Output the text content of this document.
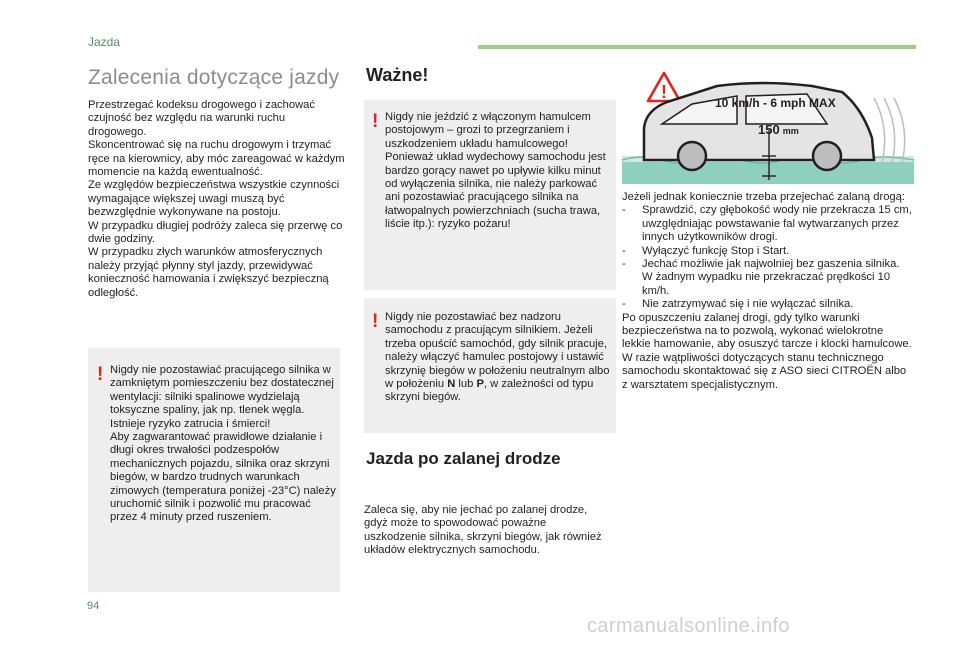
Jazda
Zalecenia dotyczące jazdy

Przestrzegać kodeksu drogowego i zachować czujność bez względu na warunki ruchu drogowego.
Skoncentrować się na ruchu drogowym i trzymać ręce na kierownicy, aby móc zareagować w każdym momencie na każdą ewentualność.
Ze względów bezpieczeństwa wszystkie czynności wymagające większej uwagi muszą być bezwzględnie wykonywane na postoju.
W przypadku długiej podróży zaleca się przerwę co dwie godziny.
W przypadku złych warunków atmosferycznych należy przyjąć płynny styl jazdy, przewidywać konieczność hamowania i zwiększyć bezpieczną odległość.

! Nigdy nie pozostawiać pracującego silnika w zamkniętym pomieszczeniu bez dostatecznej wentylacji: silniki spalinowe wydzielają toksyczne spaliny, jak np. tlenek węgla. Istnieje ryzyko zatrucia i śmierci!
Aby zagwarantować prawidłowe działanie i długi okres trwałości podzespołów mechanicznych pojazdu, silnika oraz skrzyni biegów, w bardzo trudnych warunkach zimowych (temperatura poniżej -23°C) należy uruchomić silnik i pozwolić mu pracować przez 4 minuty przed ruszeniem.
Ważne!
! Nigdy nie jeździć z włączonym hamulcem postojowym – grozi to przegrzaniem i uszkodzeniem układu hamulcowego!
Ponieważ układ wydechowy samochodu jest bardzo gorący nawet po upływie kilku minut od wyłączenia silnika, nie należy parkować ani pozostawiać pracującego silnika na łatwopalnych powierzchniach (sucha trawa, liście itp.): ryzyko pożaru!
! Nigdy nie pozostawiać bez nadzoru samochodu z pracującym silnikiem. Jeżeli trzeba opuścić samochód, gdy silnik pracuje, należy włączyć hamulec postojowy i ustawić skrzynię biegów w położeniu neutralnym albo w położeniu N lub P, w zależności od typu skrzyni biegów.
Jazda po zalanej drodze

Zaleca się, aby nie jechać po zalanej drodze, gdyż może to spowodować poważne uszkodzenie silnika, skrzyni biegów, jak również układów elektrycznych samochodu.

!
10 km/h - 6 mph MAX
150 mm

Jeżeli jednak koniecznie trzeba przejechać zalaną drogą:

- Sprawdzić, czy głębokość wody nie przekracza 15 cm, uwzględniając powstawanie fal wytwarzanych przez innych użytkowników drogi.
- Wyłączyć funkcję Stop i Start.
- Jechać możliwie jak najwolniej bez gaszenia silnika. W żadnym wypadku nie przekraczać prędkości 10 km/h.
- Nie zatrzymywać się i nie wyłączać silnika.

Po opuszczeniu zalanej drogi, gdy tylko warunki bezpieczeństwa na to pozwolą, wykonać wielokrotne lekkie hamowanie, aby osuszyć tarcze i klocki hamulcowe.
W razie wątpliwości dotyczących stanu technicznego samochodu skontaktować się z ASO sieci CITROËN albo z warsztatem specjalistycznym.

94
carmanualsonline.info
